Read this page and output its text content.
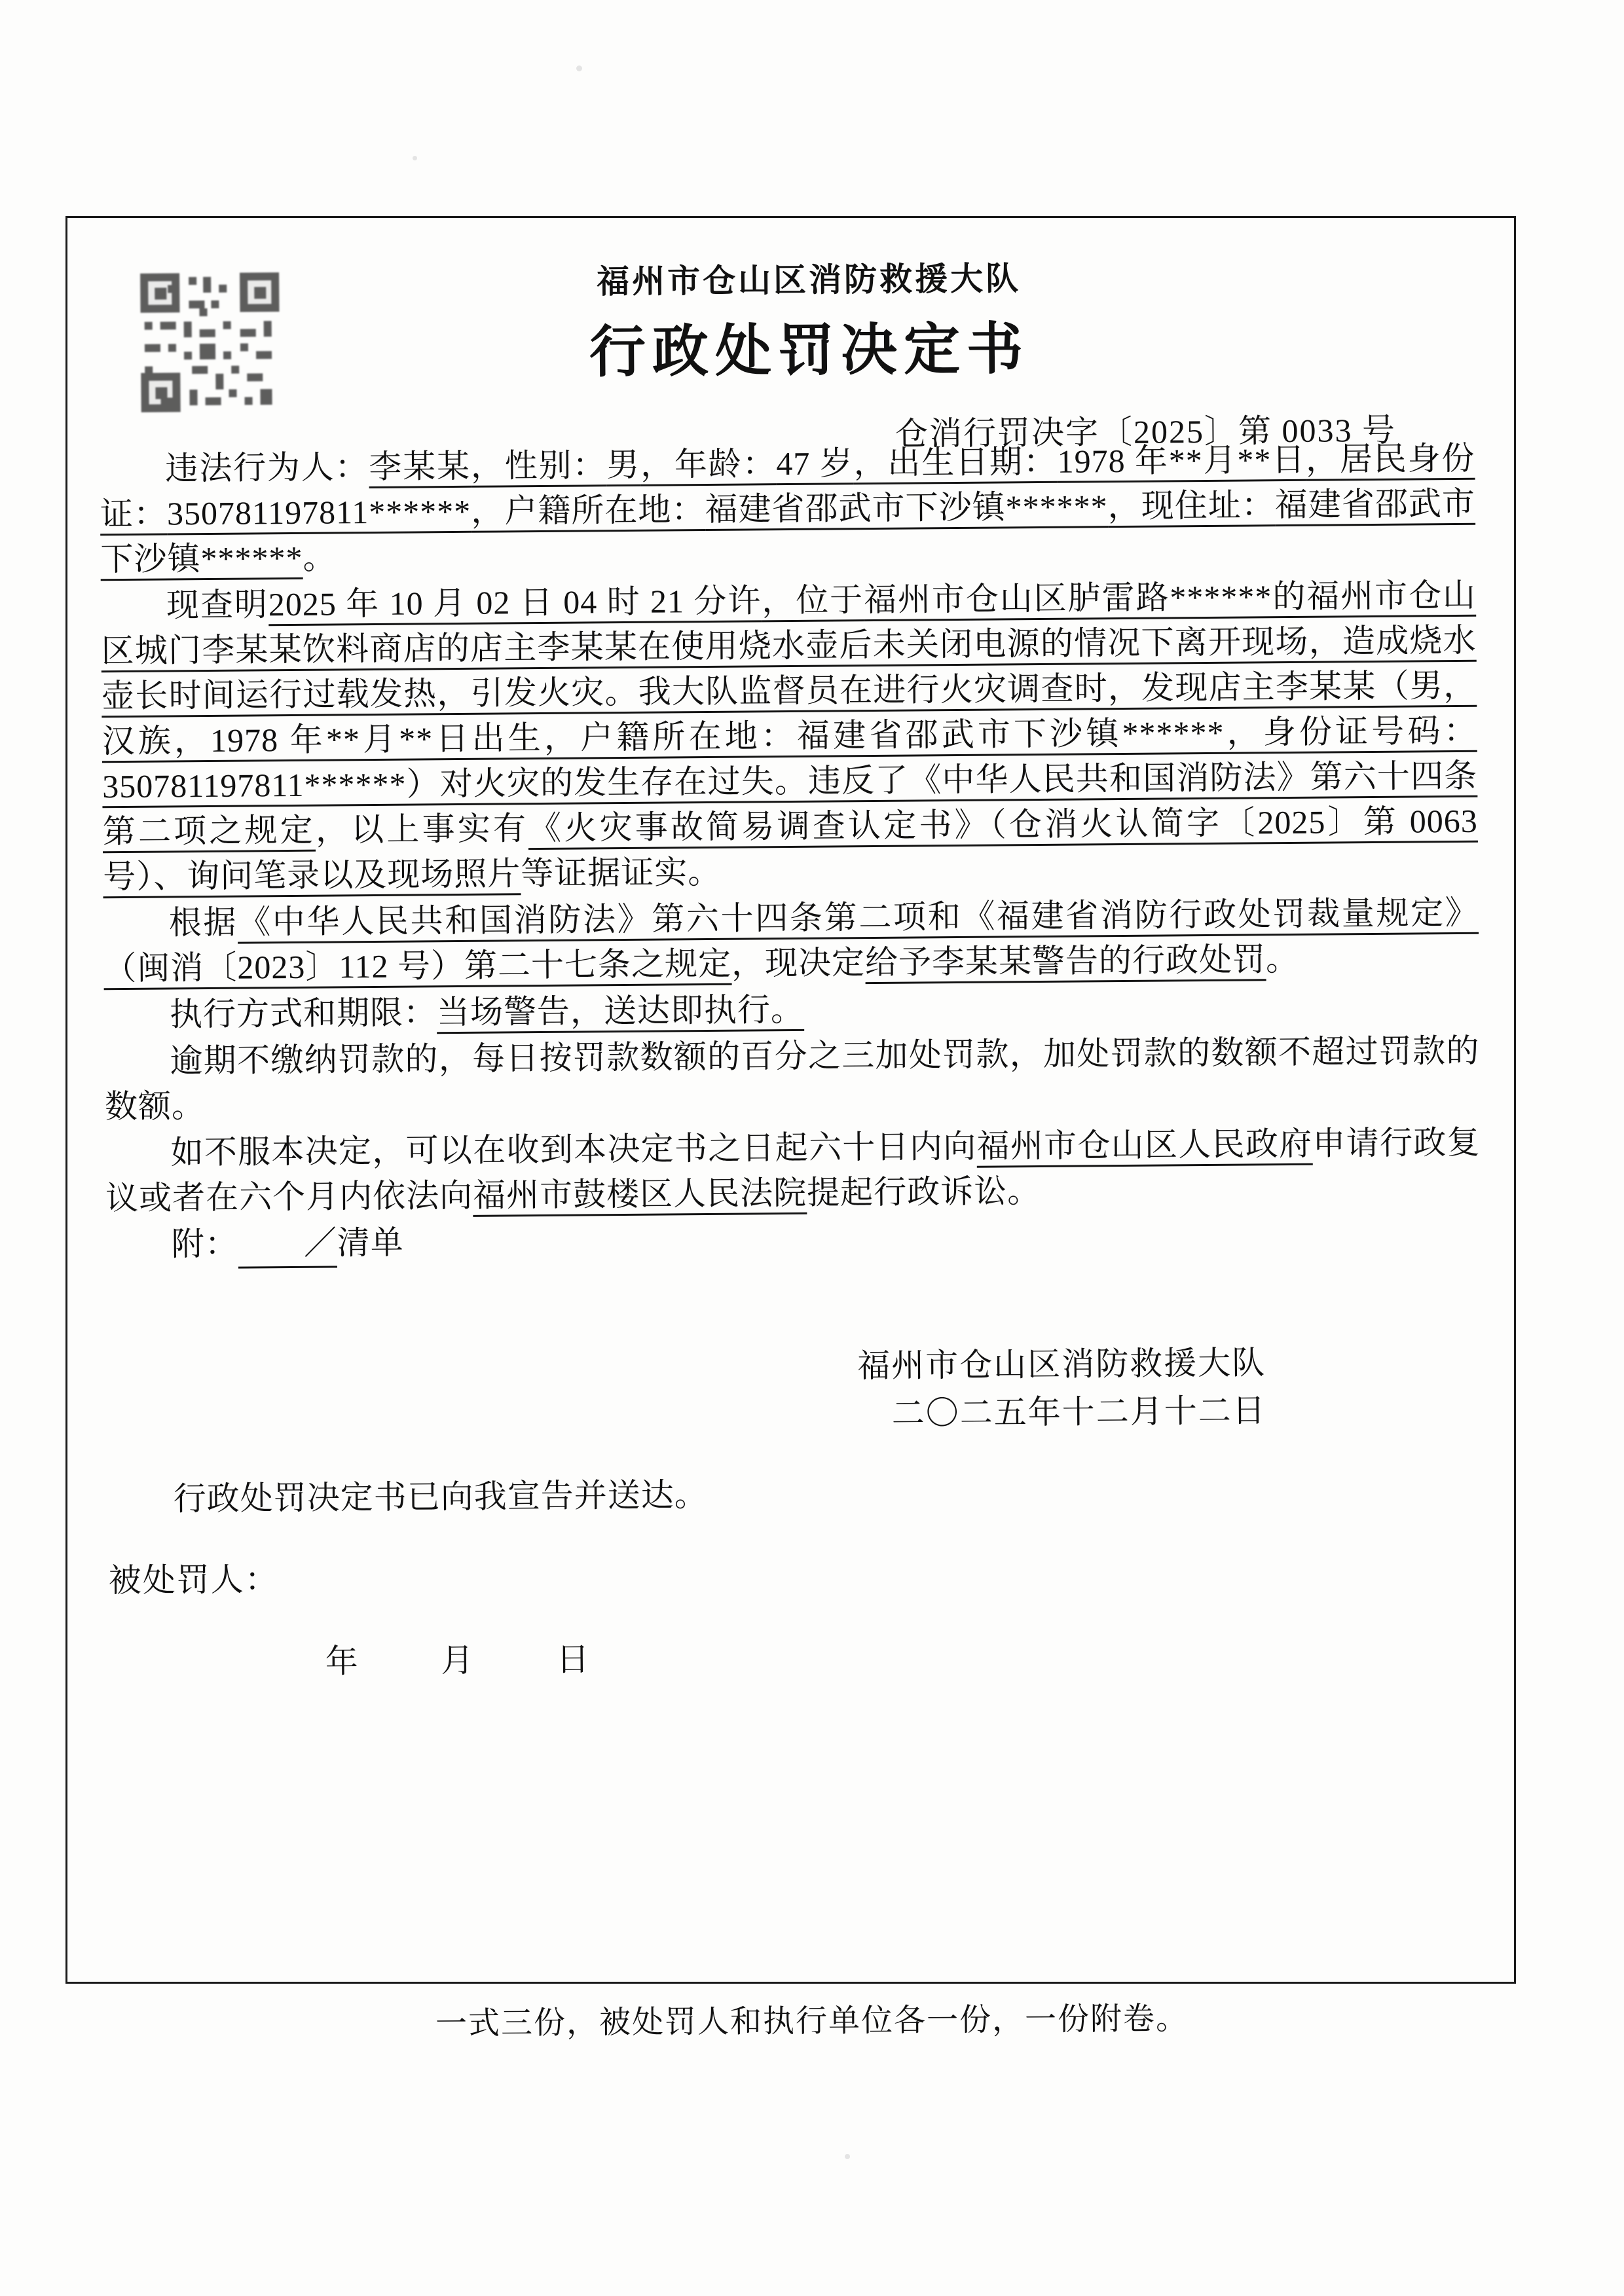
福州市仓山区消防救援大队
行政处罚决定书
仓消行罚决字〔2025〕第 0033 号

违法行为人：李某某，性别：男，年龄：47 岁，出生日期：1978 年**月**日，居民身份证：350781197811******，户籍所在地：福建省邵武市下沙镇******，现住址：福建省邵武市下沙镇******。

现查明2025 年 10 月 02 日 04 时 21 分许，位于福州市仓山区胪雷路******的福州市仓山区城门李某某饮料商店的店主李某某在使用烧水壶后未关闭电源的情况下离开现场，造成烧水壶长时间运行过载发热，引发火灾。我大队监督员在进行火灾调查时，发现店主李某某（男，汉族，1978 年**月**日出生，户籍所在地：福建省邵武市下沙镇******，身份证号码：350781197811******）对火灾的发生存在过失。违反了《中华人民共和国消防法》第六十四条第二项之规定，以上事实有《火灾事故简易调查认定书》（仓消火认简字〔2025〕第 0063 号）、询问笔录以及现场照片等证据证实。

根据《中华人民共和国消防法》第六十四条第二项和《福建省消防行政处罚裁量规定》（闽消〔2023〕112 号）第二十七条之规定，现决定给予李某某警告的行政处罚。

执行方式和期限：当场警告，送达即执行。

逾期不缴纳罚款的，每日按罚款数额的百分之三加处罚款，加处罚款的数额不超过罚款的数额。

如不服本决定，可以在收到本决定书之日起六十日内向福州市仓山区人民政府申请行政复议或者在六个月内依法向福州市鼓楼区人民法院提起行政诉讼。

附： ／清单

福州市仓山区消防救援大队
二〇二五年十二月十二日
行政处罚决定书已向我宣告并送达。
被处罚人：
年 月 日
一式三份，被处罚人和执行单位各一份，一份附卷。
